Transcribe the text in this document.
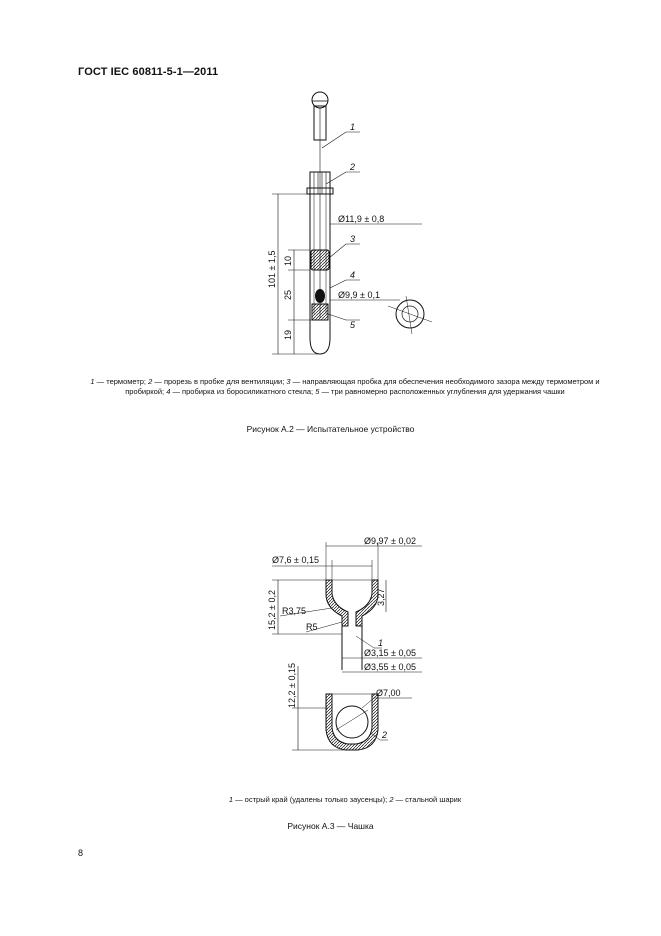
ГОСТ IEC 60811-5-1—2011
1
2
3
4
5
Ø11,9 ± 0,8
Ø9,9 ± 0,1
101 ± 1,5 10
25
19
1 — термометр; 2 — прорезь в пробке для вентиляции; 3 — направляющая пробка для обеспечения необходимого зазора между термометром и пробиркой; 4 — пробирка из боросиликатного стекла; 5 — три равномерно расположенных углубления для удержания чашки
Рисунок А.2 — Испытательное устройство
Ø9,97 ± 0,02
Ø7,6 ± 0,15
3,27
15,2 ± 0,2 R3,75
R5
1
Ø3,15 ± 0,05
Ø3,55 ± 0,05
12,2 ± 0,15	Ø7,00
2
1 — острый край (удалены только заусенцы); 2 — стальной шарик
Рисунок А.3 — Чашка
8
